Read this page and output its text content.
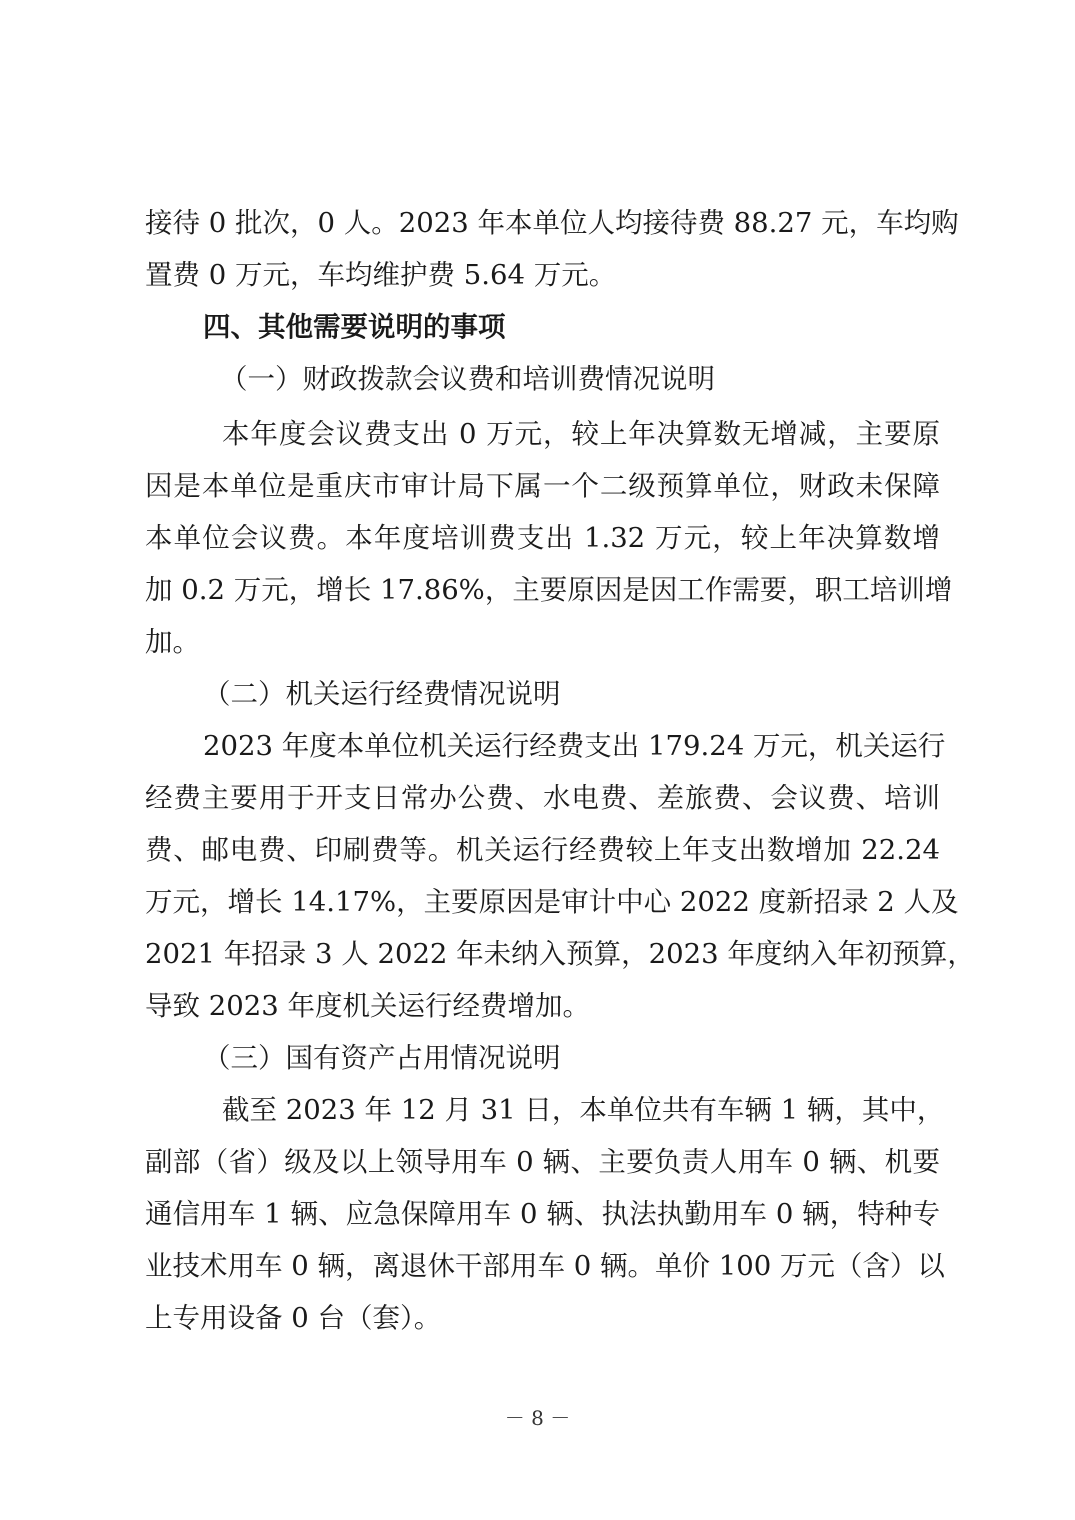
接待 0 批次，0 人。2023 年本单位人均接待费 88.27 元，车均购
置费 0 万元，车均维护费 5.64 万元。
四、其他需要说明的事项
（一）财政拨款会议费和培训费情况说明
本年度会议费支出 0 万元，较上年决算数无增减，主要原
因是本单位是重庆市审计局下属一个二级预算单位，财政未保障
本单位会议费。本年度培训费支出 1.32 万元，较上年决算数增
加 0.2 万元，增长 17.86%，主要原因是因工作需要，职工培训增
加。
（二）机关运行经费情况说明
2023 年度本单位机关运行经费支出 179.24 万元，机关运行
经费主要用于开支日常办公费、水电费、差旅费、会议费、培训
费、邮电费、印刷费等。机关运行经费较上年支出数增加 22.24
万元，增长 14.17%，主要原因是审计中心 2022 度新招录 2 人及
2021 年招录 3 人 2022 年未纳入预算，2023 年度纳入年初预算，
导致 2023 年度机关运行经费增加。
（三）国有资产占用情况说明
截至 2023 年 12 月 31 日，本单位共有车辆 1 辆，其中，
副部（省）级及以上领导用车 0 辆、主要负责人用车 0 辆、机要
通信用车 1 辆、应急保障用车 0 辆、执法执勤用车 0 辆，特种专
业技术用车 0 辆，离退休干部用车 0 辆。单价 100 万元（含）以
上专用设备 0 台（套）。
－ 8 －
